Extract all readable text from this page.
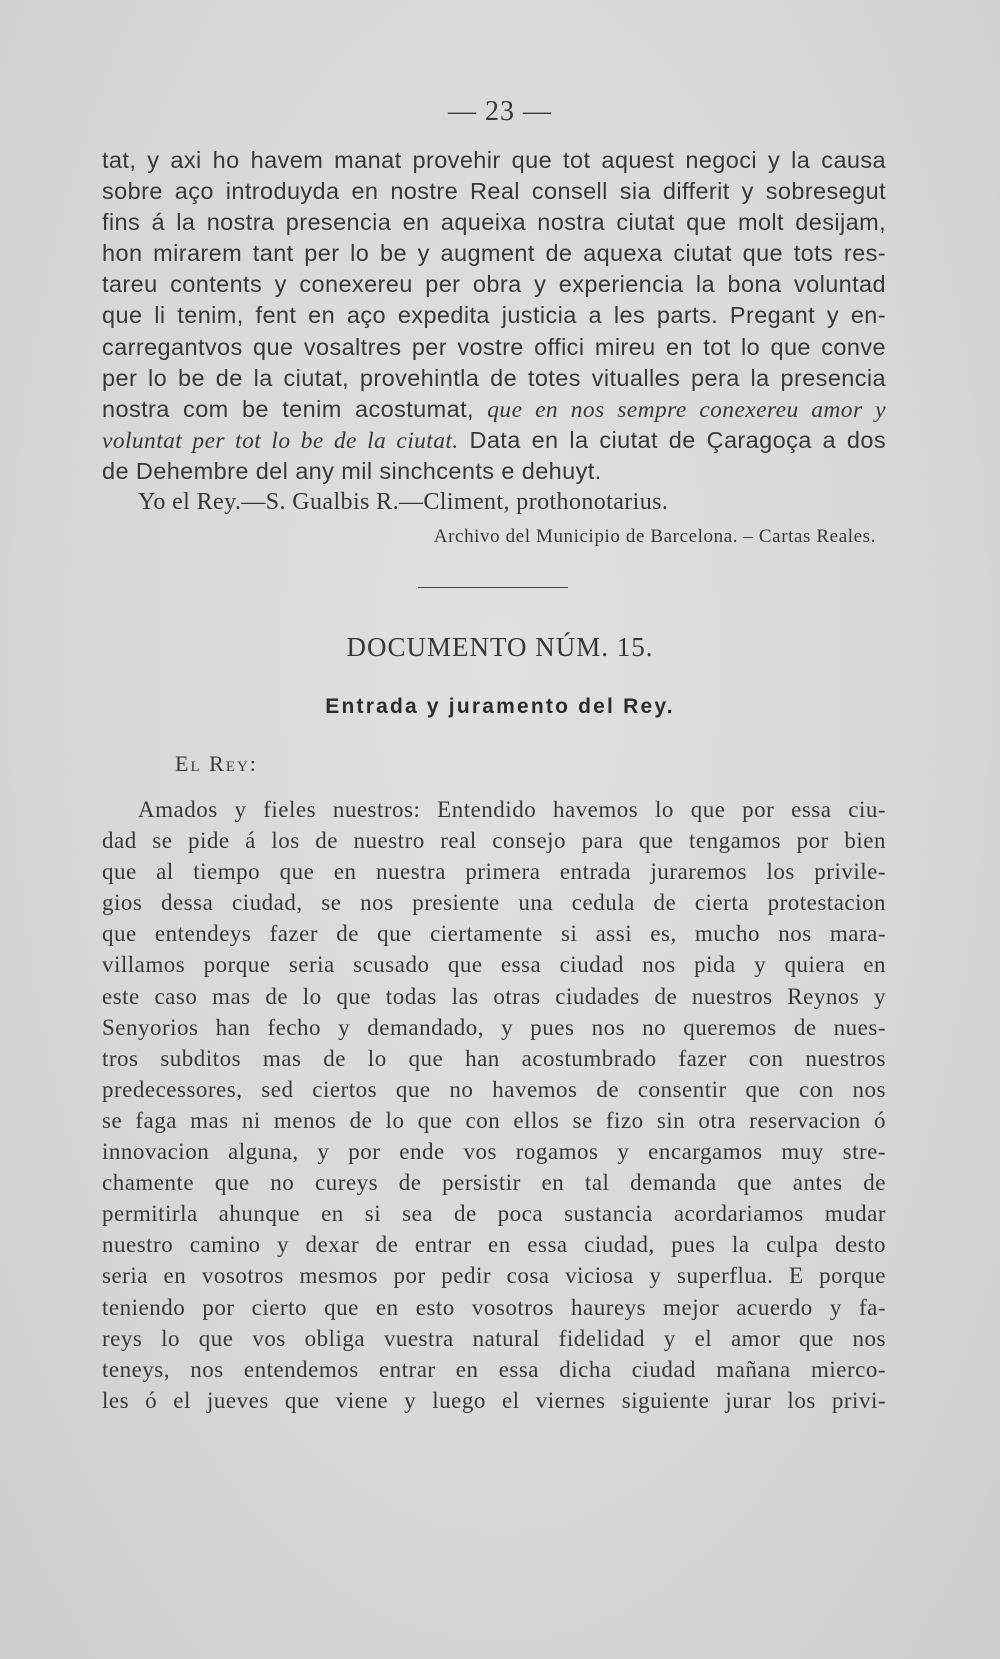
— 23 —
tat, y axi ho havem manat provehir que tot aquest negoci y la causa
sobre aço introduyda en nostre Real consell sia differit y sobresegut
fins á la nostra presencia en aqueixa nostra ciutat que molt desijam,
hon mirarem tant per lo be y augment de aquexa ciutat que tots res-
tareu contents y conexereu per obra y experiencia la bona voluntad
que li tenim, fent en aço expedita justicia a les parts. Pregant y en-
carregantvos que vosaltres per vostre offici mireu en tot lo que conve
per lo be de la ciutat, provehintla de totes vitualles pera la presencia
nostra com be tenim acostumat, que en nos sempre conexereu amor y
voluntat per tot lo be de la ciutat. Data en la ciutat de Çaragoça a dos
de Dehembre del any mil sinchcents e dehuyt.
Yo el Rey.—S. Gualbis R.—Climent, prothonotarius.
Archivo del Municipio de Barcelona. – Cartas Reales.
DOCUMENTO NÚM. 15.
Entrada y juramento del Rey.
El Rey:
Amados y fieles nuestros: Entendido havemos lo que por essa ciu-
dad se pide á los de nuestro real consejo para que tengamos por bien
que al tiempo que en nuestra primera entrada juraremos los privile-
gios dessa ciudad, se nos presiente una cedula de cierta protestacion
que entendeys fazer de que ciertamente si assi es, mucho nos mara-
villamos porque seria scusado que essa ciudad nos pida y quiera en
este caso mas de lo que todas las otras ciudades de nuestros Reynos y
Senyorios han fecho y demandado, y pues nos no queremos de nues-
tros subditos mas de lo que han acostumbrado fazer con nuestros
predecessores, sed ciertos que no havemos de consentir que con nos
se faga mas ni menos de lo que con ellos se fizo sin otra reservacion ó
innovacion alguna, y por ende vos rogamos y encargamos muy stre-
chamente que no cureys de persistir en tal demanda que antes de
permitirla ahunque en si sea de poca sustancia acordariamos mudar
nuestro camino y dexar de entrar en essa ciudad, pues la culpa desto
seria en vosotros mesmos por pedir cosa viciosa y superflua. E porque
teniendo por cierto que en esto vosotros haureys mejor acuerdo y fa-
reys lo que vos obliga vuestra natural fidelidad y el amor que nos
teneys, nos entendemos entrar en essa dicha ciudad mañana mierco-
les ó el jueves que viene y luego el viernes siguiente jurar los privi-
